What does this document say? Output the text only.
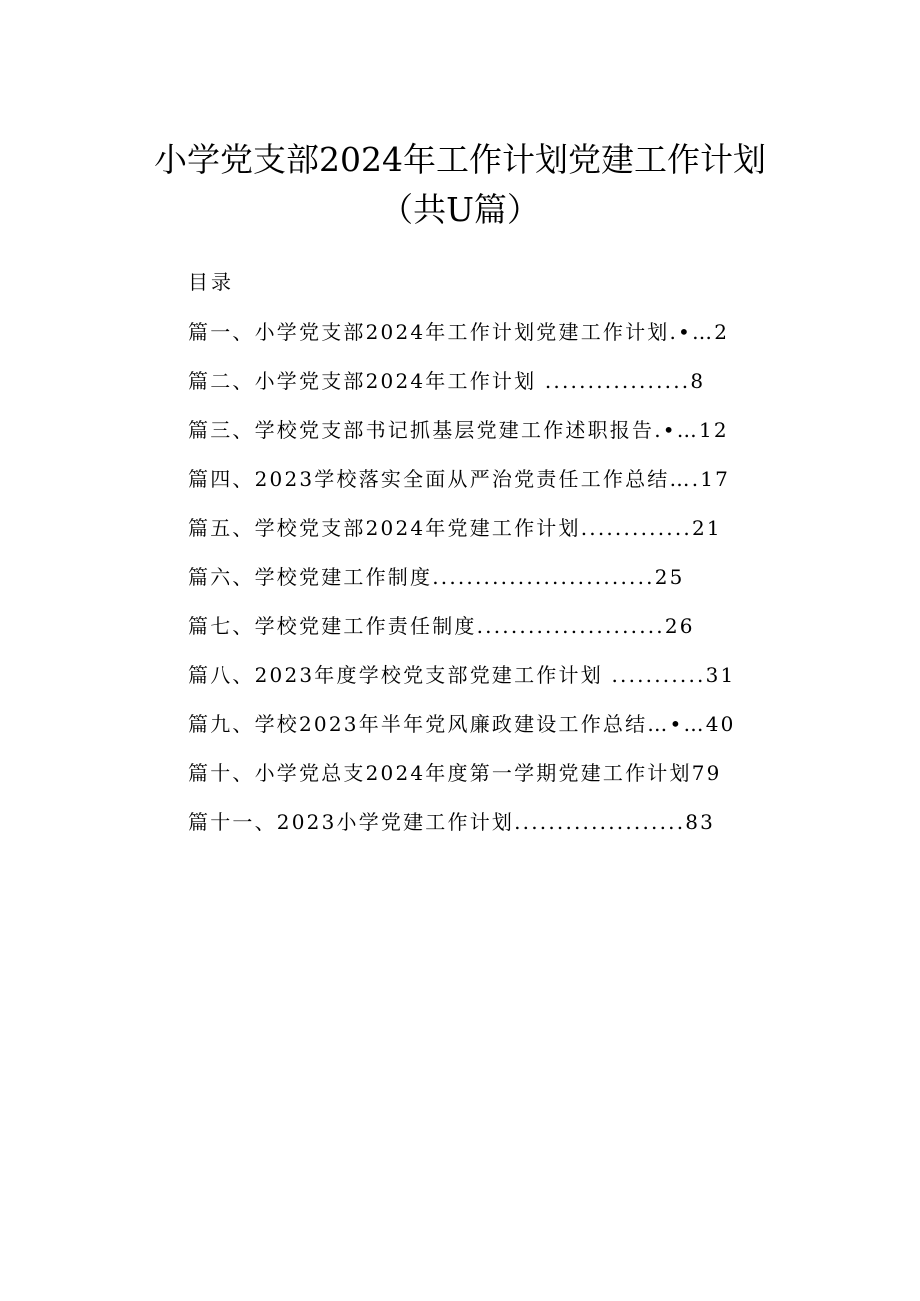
小学党支部2024年工作计划党建工作计划
（共U篇）
目录
篇一、小学党支部2024年工作计划党建工作计划.•…2
篇二、小学党支部2024年工作计划 .................8
篇三、学校党支部书记抓基层党建工作述职报告.•…12
篇四、2023学校落实全面从严治党责任工作总结….17
篇五、学校党支部2024年党建工作计划.............21
篇六、学校党建工作制度..........................25
篇七、学校党建工作责任制度......................26
篇八、2023年度学校党支部党建工作计划 ...........31
篇九、学校2023年半年党风廉政建设工作总结…•…40
篇十、小学党总支2024年度第一学期党建工作计划79
篇十一、2023小学党建工作计划....................83
